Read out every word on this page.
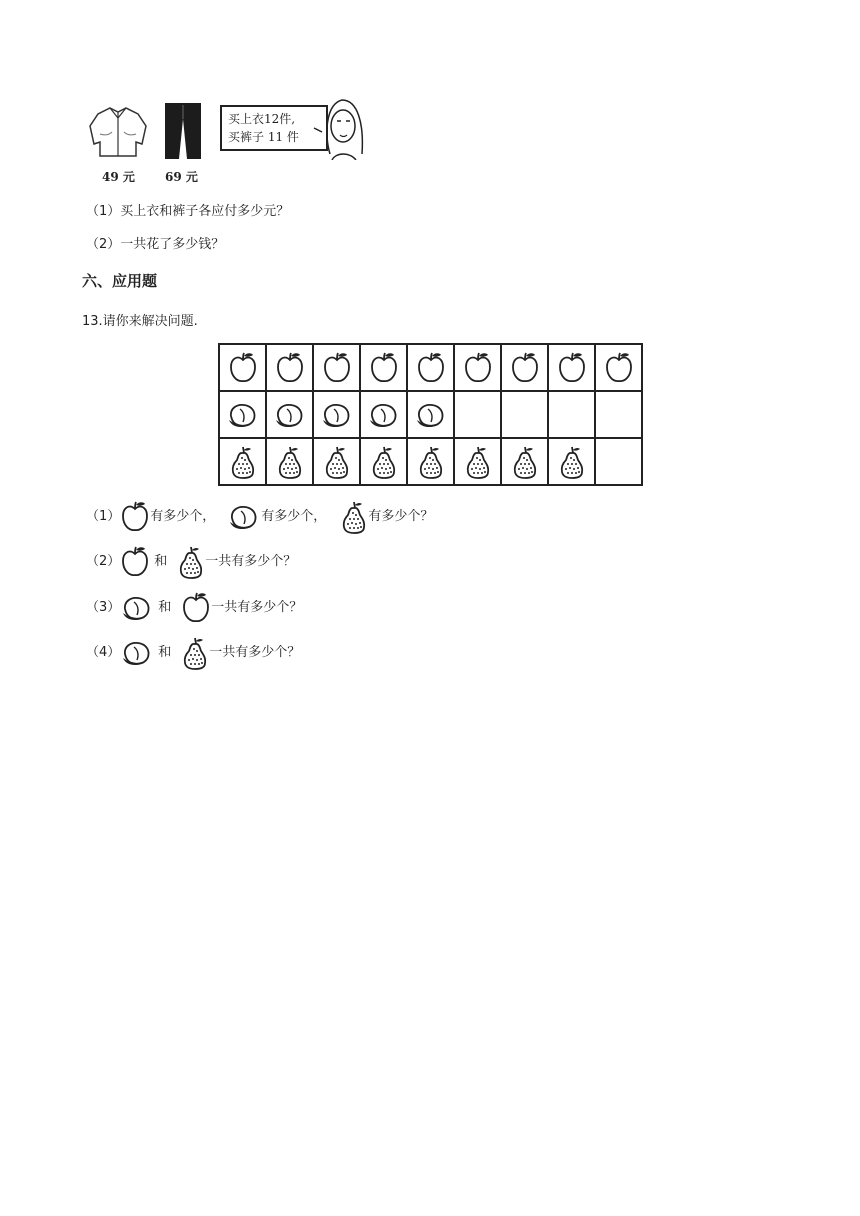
49 元	69 元
买上衣12件,
买裤子 11 件
（1）买上衣和裤子各应付多少元？
（2）一共花了多少钱？
六、应用题
13.请你来解决问题.

（1） 有多少个，	有多少个，	有多少个？
（2）	和	一共有多少个？
（3）	和	一共有多少个？
（4）	和	一共有多少个？
